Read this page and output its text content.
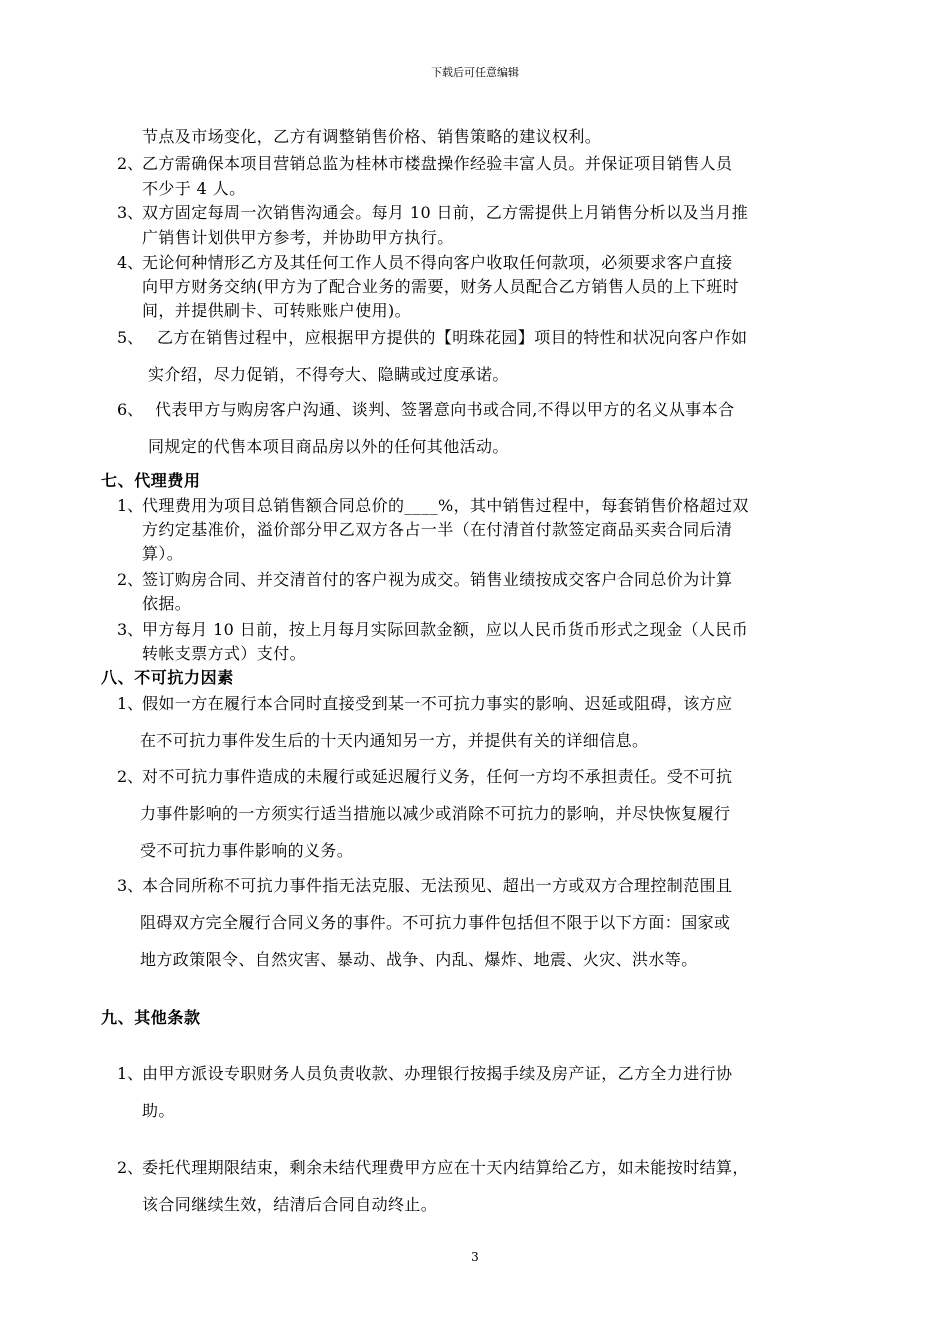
下载后可任意编辑
节点及市场变化，乙方有调整销售价格、销售策略的建议权利。
2、
乙方需确保本项目营销总监为桂林市楼盘操作经验丰富人员。并保证项目销售人员
不少于 4 人。
3、
双方固定每周一次销售沟通会。每月 10 日前，乙方需提供上月销售分析以及当月推
广销售计划供甲方参考，并协助甲方执行。
4、
无论何种情形乙方及其任何工作人员不得向客户收取任何款项，必须要求客户直接
向甲方财务交纳(甲方为了配合业务的需要，财务人员配合乙方销售人员的上下班时
间，并提供刷卡、可转账账户使用)。
5、 乙方在销售过程中，应根据甲方提供的【明珠花园】项目的特性和状况向客户作如
实介绍，尽力促销，不得夸大、隐瞒或过度承诺。
6、 代表甲方与购房客户沟通、谈判、签署意向书或合同,不得以甲方的名义从事本合
同规定的代售本项目商品房以外的任何其他活动。
七、代理费用
1、
代理费用为项目总销售额合同总价的____%，其中销售过程中，每套销售价格超过双
方约定基准价，溢价部分甲乙双方各占一半（在付清首付款签定商品买卖合同后清
算）。
2、
签订购房合同、并交清首付的客户视为成交。销售业绩按成交客户合同总价为计算
依据。
3、
甲方每月 10 日前，按上月每月实际回款金额，应以人民币货币形式之现金（人民币
转帐支票方式）支付。
八、不可抗力因素
1、
假如一方在履行本合同时直接受到某一不可抗力事实的影响、迟延或阻碍，该方应
在不可抗力事件发生后的十天内通知另一方，并提供有关的详细信息。
2、
对不可抗力事件造成的未履行或延迟履行义务，任何一方均不承担责任。受不可抗
力事件影响的一方须实行适当措施以减少或消除不可抗力的影响，并尽快恢复履行
受不可抗力事件影响的义务。
3、
本合同所称不可抗力事件指无法克服、无法预见、超出一方或双方合理控制范围且
阻碍双方完全履行合同义务的事件。不可抗力事件包括但不限于以下方面：国家或
地方政策限令、自然灾害、暴动、战争、内乱、爆炸、地震、火灾、洪水等。
九、其他条款
1、
由甲方派设专职财务人员负责收款、办理银行按揭手续及房产证，乙方全力进行协
助。
2、
委托代理期限结束，剩余未结代理费甲方应在十天内结算给乙方，如未能按时结算，
该合同继续生效，结清后合同自动终止。
3
